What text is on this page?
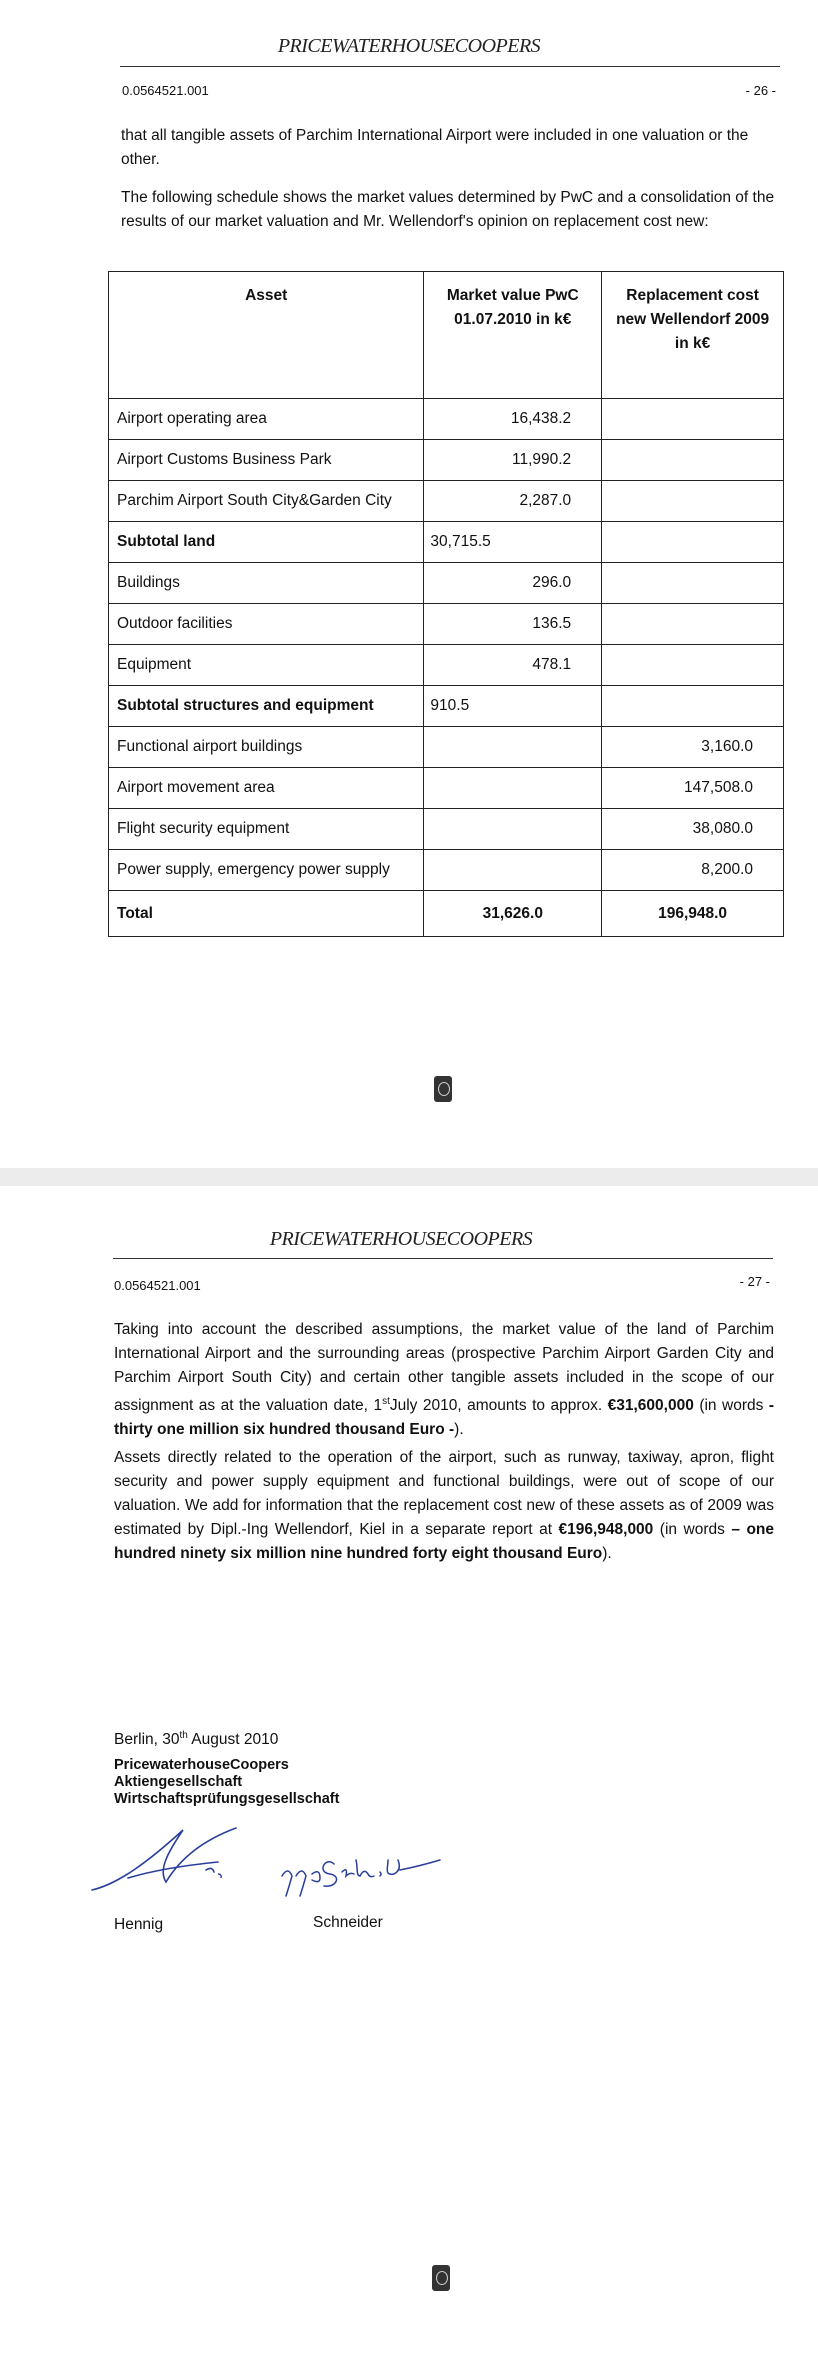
PRICEWATERHOUSECOOPERS
0.0564521.001	- 26 -

that all tangible assets of Parchim International Airport were included in one valuation or the other.

The following schedule shows the market values determined by PwC and a consolidation of the results of our market valuation and Mr. Wellendorf's opinion on replacement cost new:

Asset	Market value PwC 01.07.2010 in k€	Replacement cost new Wellendorf 2009 in k€
Airport operating area	16,438.2	
Airport Customs Business Park	11,990.2	
Parchim Airport South City&Garden City	2,287.0	
Subtotal land	30,715.5	
Buildings	296.0	
Outdoor facilities	136.5	
Equipment	478.1	
Subtotal structures and equipment	910.5	
Functional airport buildings		3,160.0
Airport movement area		147,508.0
Flight security equipment		38,080.0
Power supply, emergency power supply		8,200.0
Total	31,626.0	196,948.0
PRICEWATERHOUSECOOPERS
0.0564521.001	- 27 -

Taking into account the described assumptions, the market value of the land of Parchim International Airport and the surrounding areas (prospective Parchim Airport Garden City and Parchim Airport South City) and certain other tangible assets included in the scope of our assignment as at the valuation date, 1stJuly 2010, amounts to approx. €31,600,000 (in words - thirty one million six hundred thousand Euro -).

Assets directly related to the operation of the airport, such as runway, taxiway, apron, flight security and power supply equipment and functional buildings, were out of scope of our valuation. We add for information that the replacement cost new of these assets as of 2009 was estimated by Dipl.-Ing Wellendorf, Kiel in a separate report at €196,948,000 (in words – one hundred ninety six million nine hundred forty eight thousand Euro).

Berlin, 30th August 2010
PricewaterhouseCoopers
Aktiengesellschaft
Wirtschaftsprüfungsgesellschaft
Hennig	Schneider
